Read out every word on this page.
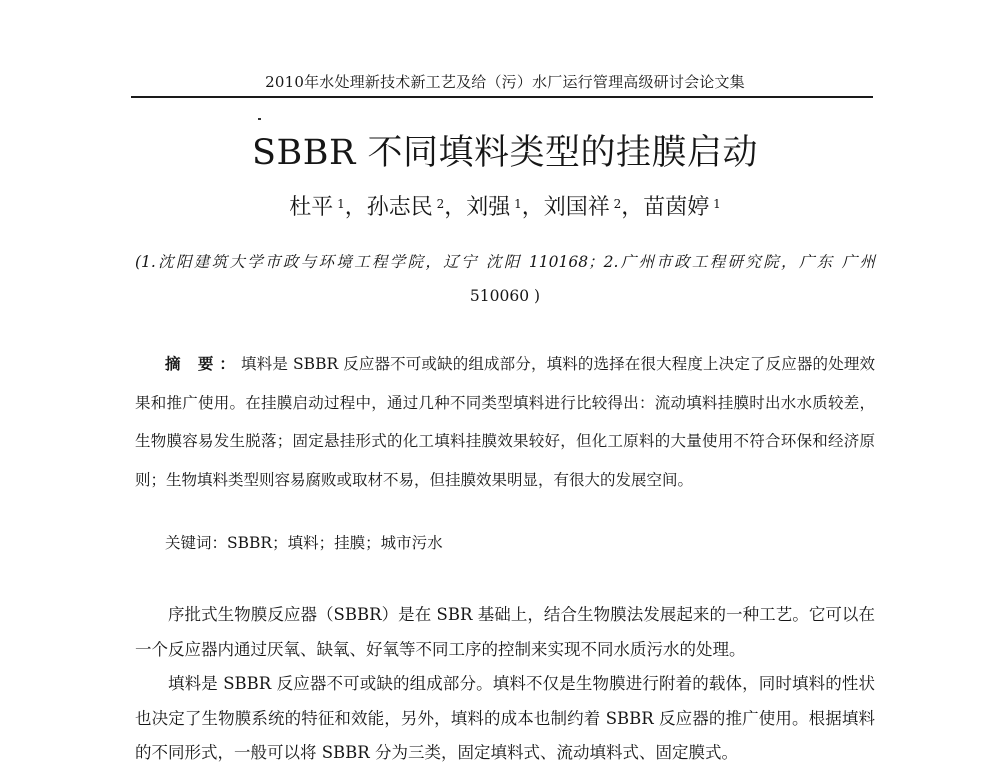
2010年水处理新技术新工艺及给（污）水厂运行管理高级研讨会论文集
SBBR 不同填料类型的挂膜启动
杜平 $^1$，孙志民 $^2$，刘强 $^1$，刘国祥 $^2$，苗茵婷 $^1$
(1.沈阳建筑大学市政与环境工程学院，辽宁 沈阳 110168；2.广州市政工程研究院，广东 广州
510060 )
摘 要：填料是 SBBR 反应器不可或缺的组成部分，填料的选择在很大程度上决定了反应器的处理效果和推广使用。在挂膜启动过程中，通过几种不同类型填料进行比较得出：流动填料挂膜时出水水质较差，生物膜容易发生脱落；固定悬挂形式的化工填料挂膜效果较好，但化工原料的大量使用不符合环保和经济原则；生物填料类型则容易腐败或取材不易，但挂膜效果明显，有很大的发展空间。
关键词：SBBR；填料；挂膜；城市污水

序批式生物膜反应器（SBBR）是在 SBR 基础上，结合生物膜法发展起来的一种工艺。它可以在一个反应器内通过厌氧、缺氧、好氧等不同工序的控制来实现不同水质污水的处理。

填料是 SBBR 反应器不可或缺的组成部分。填料不仅是生物膜进行附着的载体，同时填料的性状也决定了生物膜系统的特征和效能，另外，填料的成本也制约着 SBBR 反应器的推广使用。根据填料的不同形式，一般可以将 SBBR 分为三类，固定填料式、流动填料式、固定膜式。
